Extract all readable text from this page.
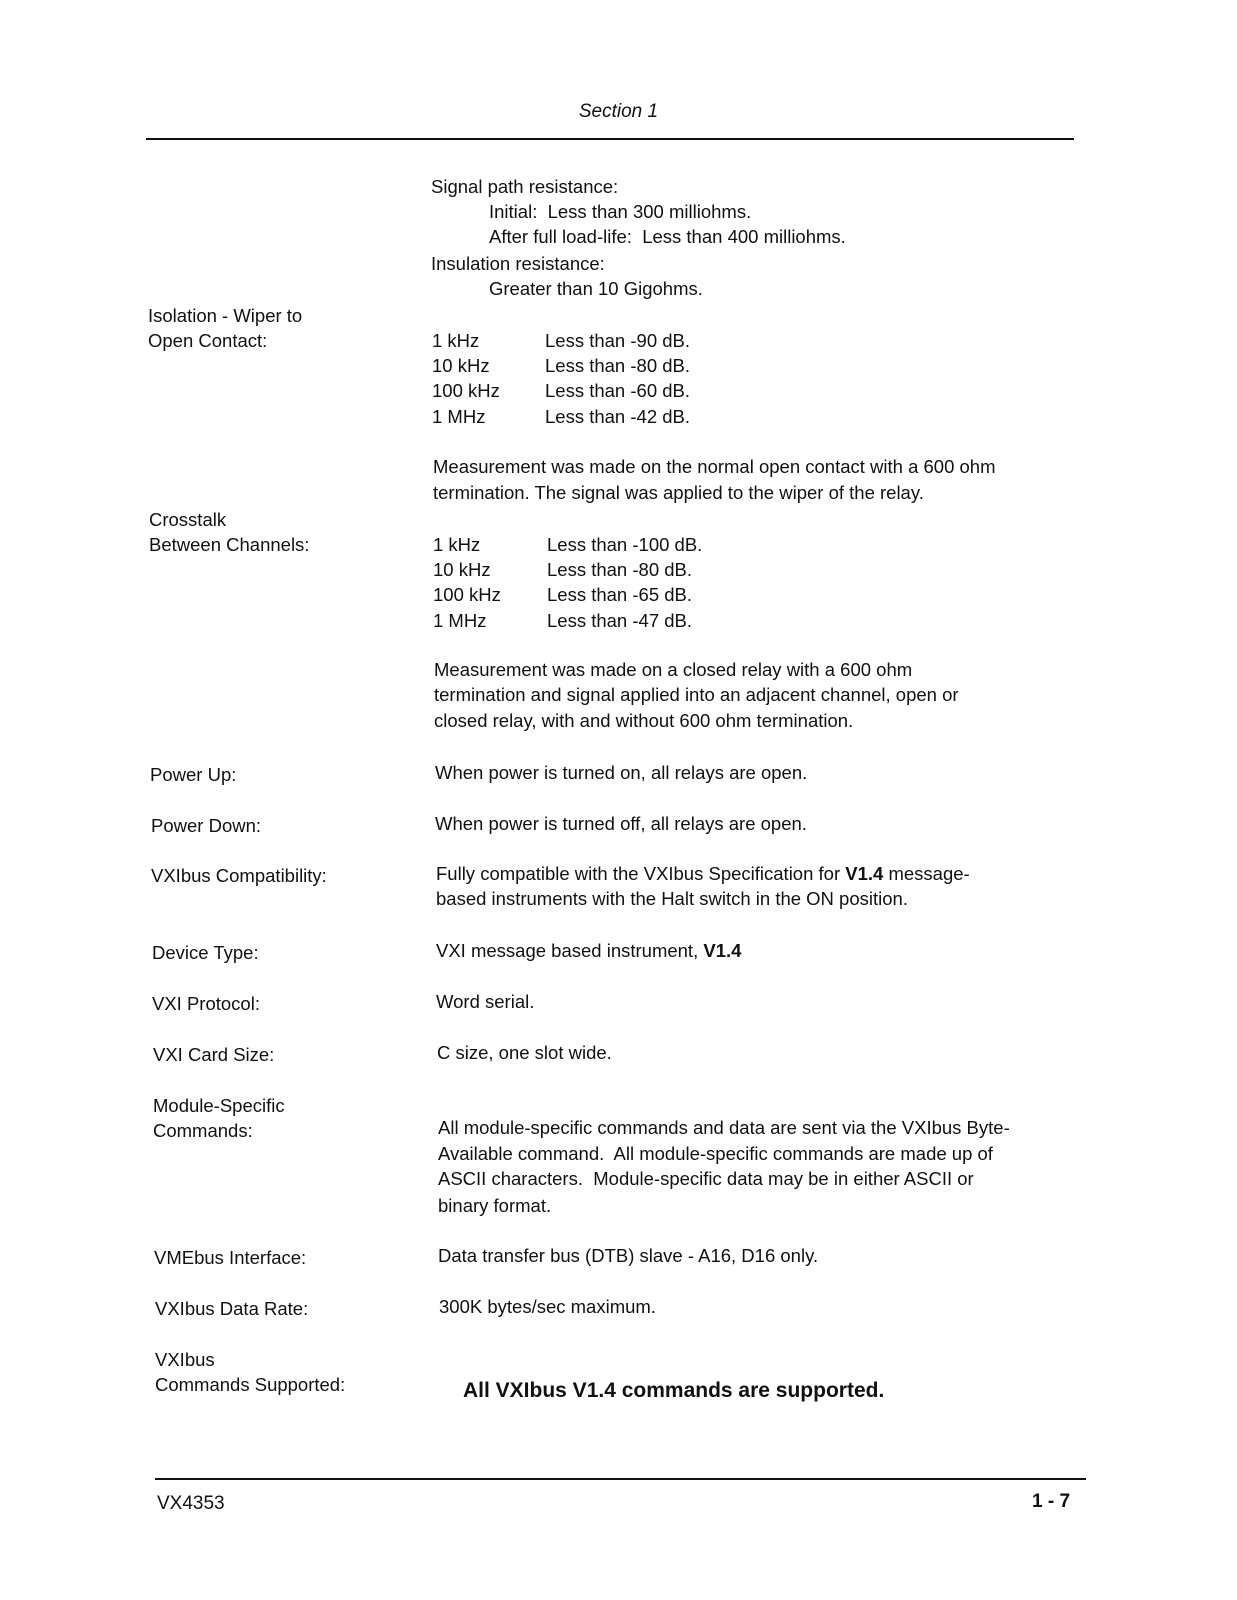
Section 1
Signal path resistance:
Initial:  Less than 300 milliohms.
After full load-life:  Less than 400 milliohms.
Insulation resistance:
Greater than 10 Gigohms.
Isolation - Wiper to
Open Contact:	1 kHz	Less than -90 dB.
10 kHz	Less than -80 dB.
100 kHz Less than -60 dB.
1 MHz	Less than -42 dB.
Measurement was made on the normal open contact with a 600 ohm
termination. The signal was applied to the wiper of the relay.
Crosstalk
Between Channels:	1 kHz	Less than -100 dB.
10 kHz	Less than -80 dB.
100 kHz Less than -65 dB.
1 MHz	Less than -47 dB.
Measurement was made on a closed relay with a 600 ohm
termination and signal applied into an adjacent channel, open or
closed relay, with and without 600 ohm termination.
Power Up:	When power is turned on, all relays are open.
Power Down:	When power is turned off, all relays are open.
VXIbus Compatibility:	Fully compatible with the VXIbus Specification for V1.4 message-
based instruments with the Halt switch in the ON position.
Device Type:	VXI message based instrument, V1.4
VXI Protocol:	Word serial.
VXI Card Size:	C size, one slot wide.
Module-Specific
Commands:	All module-specific commands and data are sent via the VXIbus Byte-
Available command.  All module-specific commands are made up of
ASCII characters.  Module-specific data may be in either ASCII or
binary format.
VMEbus Interface:	Data transfer bus (DTB) slave - A16, D16 only.
VXIbus Data Rate:	300K bytes/sec maximum.
VXIbus
Commands Supported:	All VXIbus V1.4 commands are supported.
VX4353	1 - 7
